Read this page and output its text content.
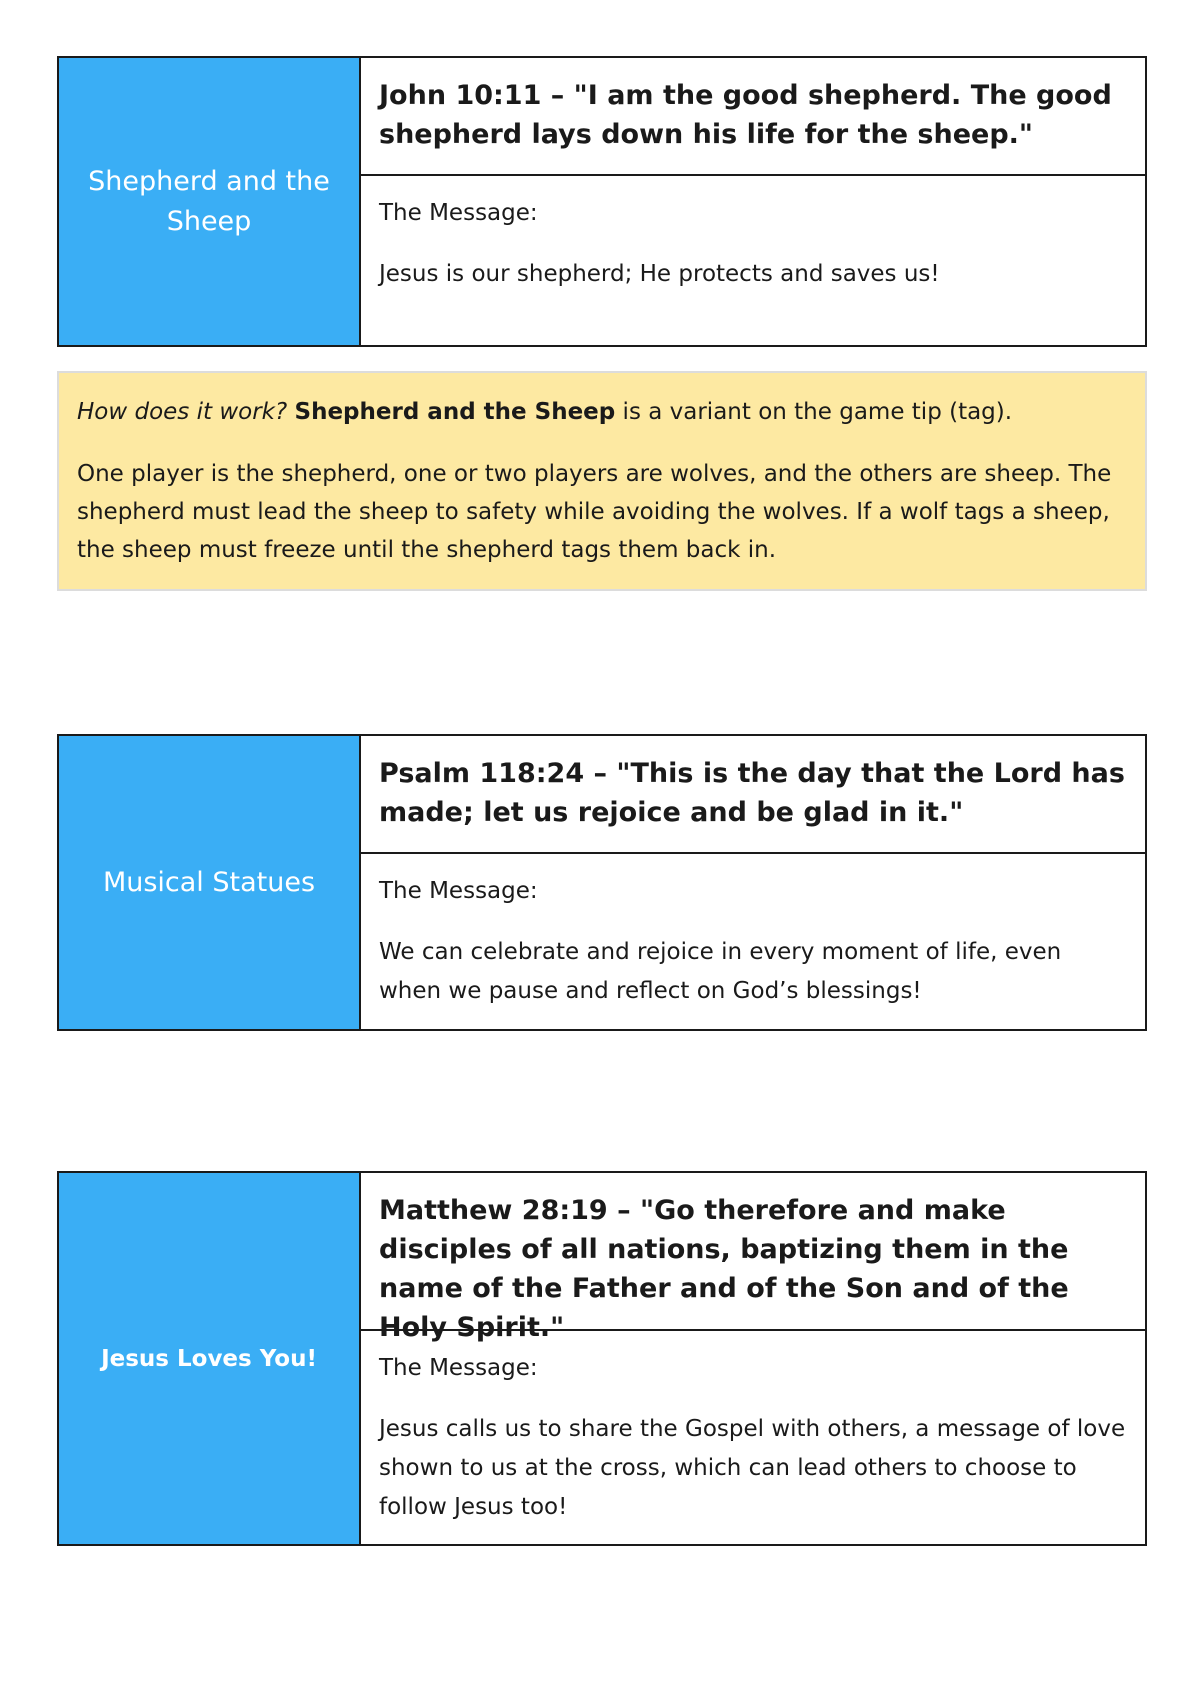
Shepherd and the Sheep
John 10:11 – "I am the good shepherd. The good shepherd lays down his life for the sheep."

The Message:

Jesus is our shepherd; He protects and saves us!

How does it work? Shepherd and the Sheep is a variant on the game tip (tag).

One player is the shepherd, one or two players are wolves, and the others are sheep. The shepherd must lead the sheep to safety while avoiding the wolves. If a wolf tags a sheep, the sheep must freeze until the shepherd tags them back in.

Musical Statues
Psalm 118:24 – "This is the day that the Lord has made; let us rejoice and be glad in it."

The Message:

We can celebrate and rejoice in every moment of life, even when we pause and reflect on God’s blessings!

Jesus Loves You!
Matthew 28:19 – "Go therefore and make disciples of all nations, baptizing them in the name of the Father and of the Son and of the Holy Spirit."

The Message:

Jesus calls us to share the Gospel with others, a message of love shown to us at the cross, which can lead others to choose to follow Jesus too!
